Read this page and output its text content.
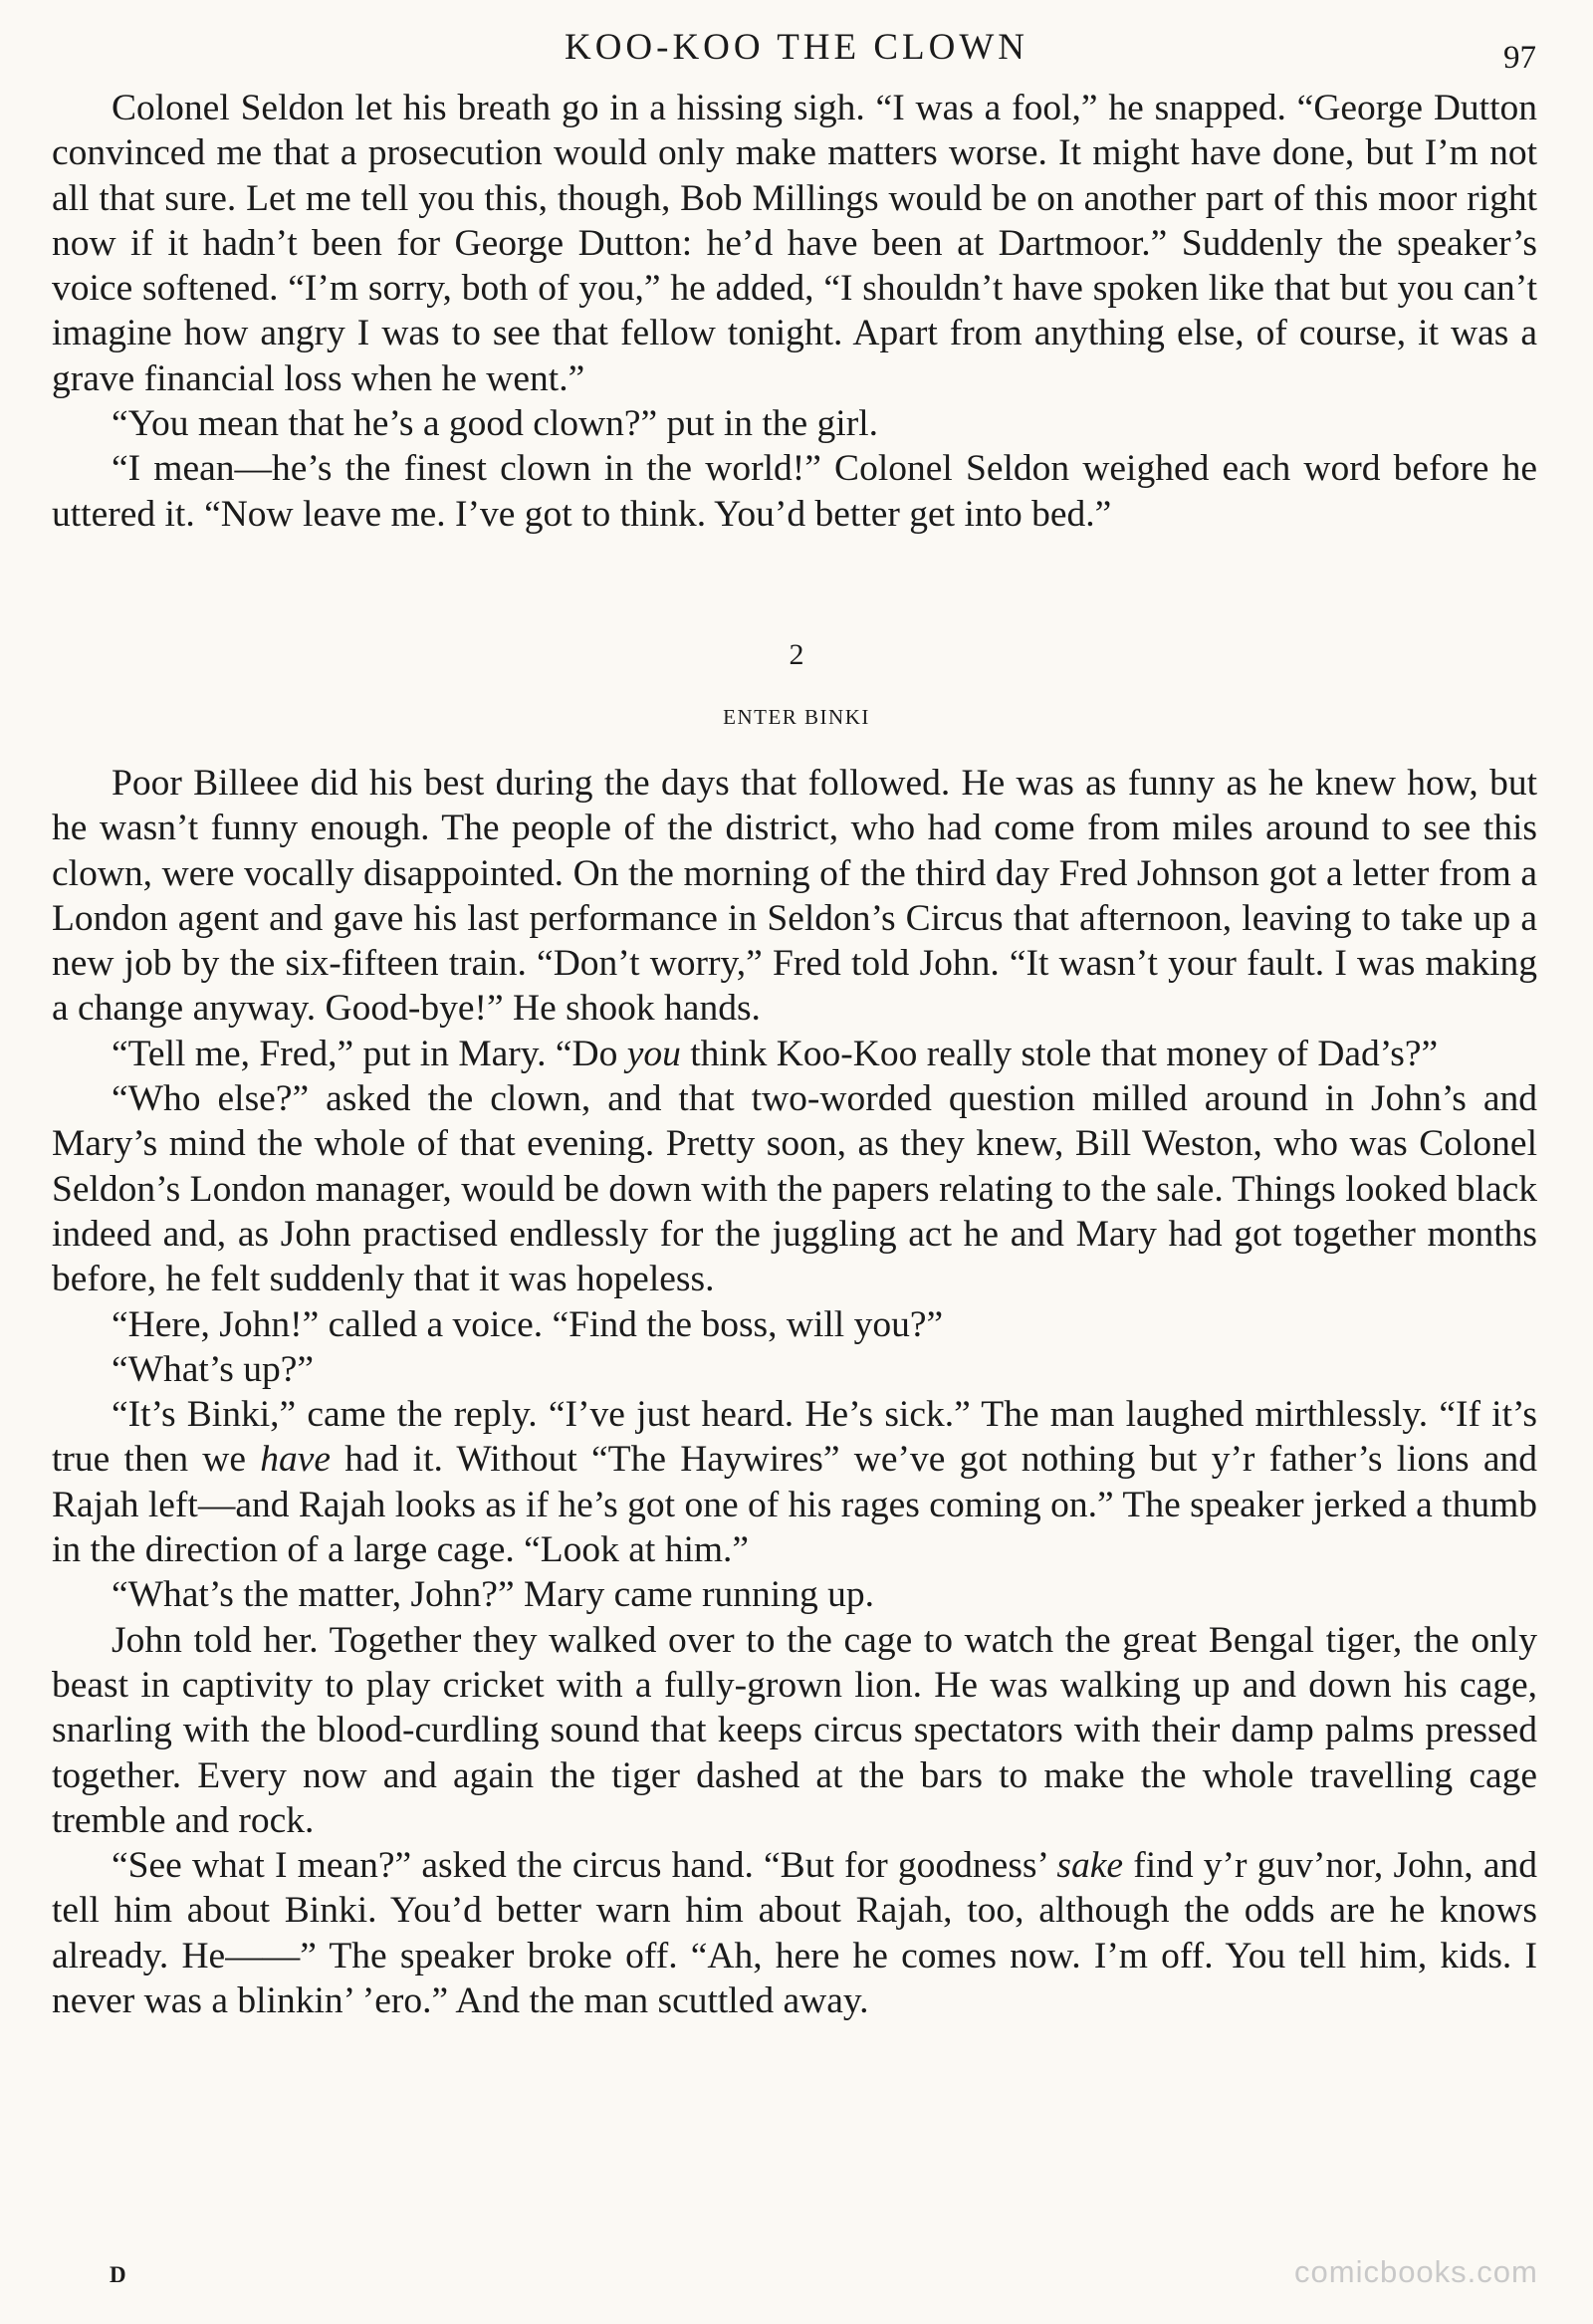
KOO-KOO THE CLOWN	97

Colonel Seldon let his breath go in a hissing sigh. “I was a fool,” he snapped. “George Dutton convinced me that a prosecution would only make matters worse. It might have done, but I’m not all that sure. Let me tell you this, though, Bob Millings would be on another part of this moor right now if it hadn’t been for George Dutton: he’d have been at Dartmoor.” Suddenly the speaker’s voice softened. “I’m sorry, both of you,” he added, “I shouldn’t have spoken like that but you can’t imagine how angry I was to see that fellow tonight. Apart from anything else, of course, it was a grave financial loss when he went.”

“You mean that he’s a good clown?” put in the girl.

“I mean—he’s the finest clown in the world!” Colonel Seldon weighed each word before he uttered it. “Now leave me. I’ve got to think. You’d better get into bed.”

2
ENTER BINKI

Poor Billeee did his best during the days that followed. He was as funny as he knew how, but he wasn’t funny enough. The people of the district, who had come from miles around to see this clown, were vocally disappointed. On the morning of the third day Fred Johnson got a letter from a London agent and gave his last performance in Seldon’s Circus that afternoon, leaving to take up a new job by the six-fifteen train. “Don’t worry,” Fred told John. “It wasn’t your fault. I was making a change anyway. Good-bye!” He shook hands.

“Tell me, Fred,” put in Mary. “Do you think Koo-Koo really stole that money of Dad’s?”

“Who else?” asked the clown, and that two-worded question milled around in John’s and Mary’s mind the whole of that evening. Pretty soon, as they knew, Bill Weston, who was Colonel Seldon’s London manager, would be down with the papers relating to the sale. Things looked black indeed and, as John practised endlessly for the juggling act he and Mary had got together months before, he felt suddenly that it was hopeless.

“Here, John!” called a voice. “Find the boss, will you?”

“What’s up?”

“It’s Binki,” came the reply. “I’ve just heard. He’s sick.” The man laughed mirthlessly. “If it’s true then we have had it. Without “The Haywires” we’ve got nothing but y’r father’s lions and Rajah left—and Rajah looks as if he’s got one of his rages coming on.” The speaker jerked a thumb in the direction of a large cage. “Look at him.”

“What’s the matter, John?” Mary came running up.

John told her. Together they walked over to the cage to watch the great Bengal tiger, the only beast in captivity to play cricket with a fully-grown lion. He was walking up and down his cage, snarling with the blood-curdling sound that keeps circus spectators with their damp palms pressed together. Every now and again the tiger dashed at the bars to make the whole travelling cage tremble and rock.

“See what I mean?” asked the circus hand. “But for goodness’ sake find y’r guv’nor, John, and tell him about Binki. You’d better warn him about Rajah, too, although the odds are he knows already. He——” The speaker broke off. “Ah, here he comes now. I’m off. You tell him, kids. I never was a blinkin’ ’ero.” And the man scuttled away.

D	comicbooks.com
